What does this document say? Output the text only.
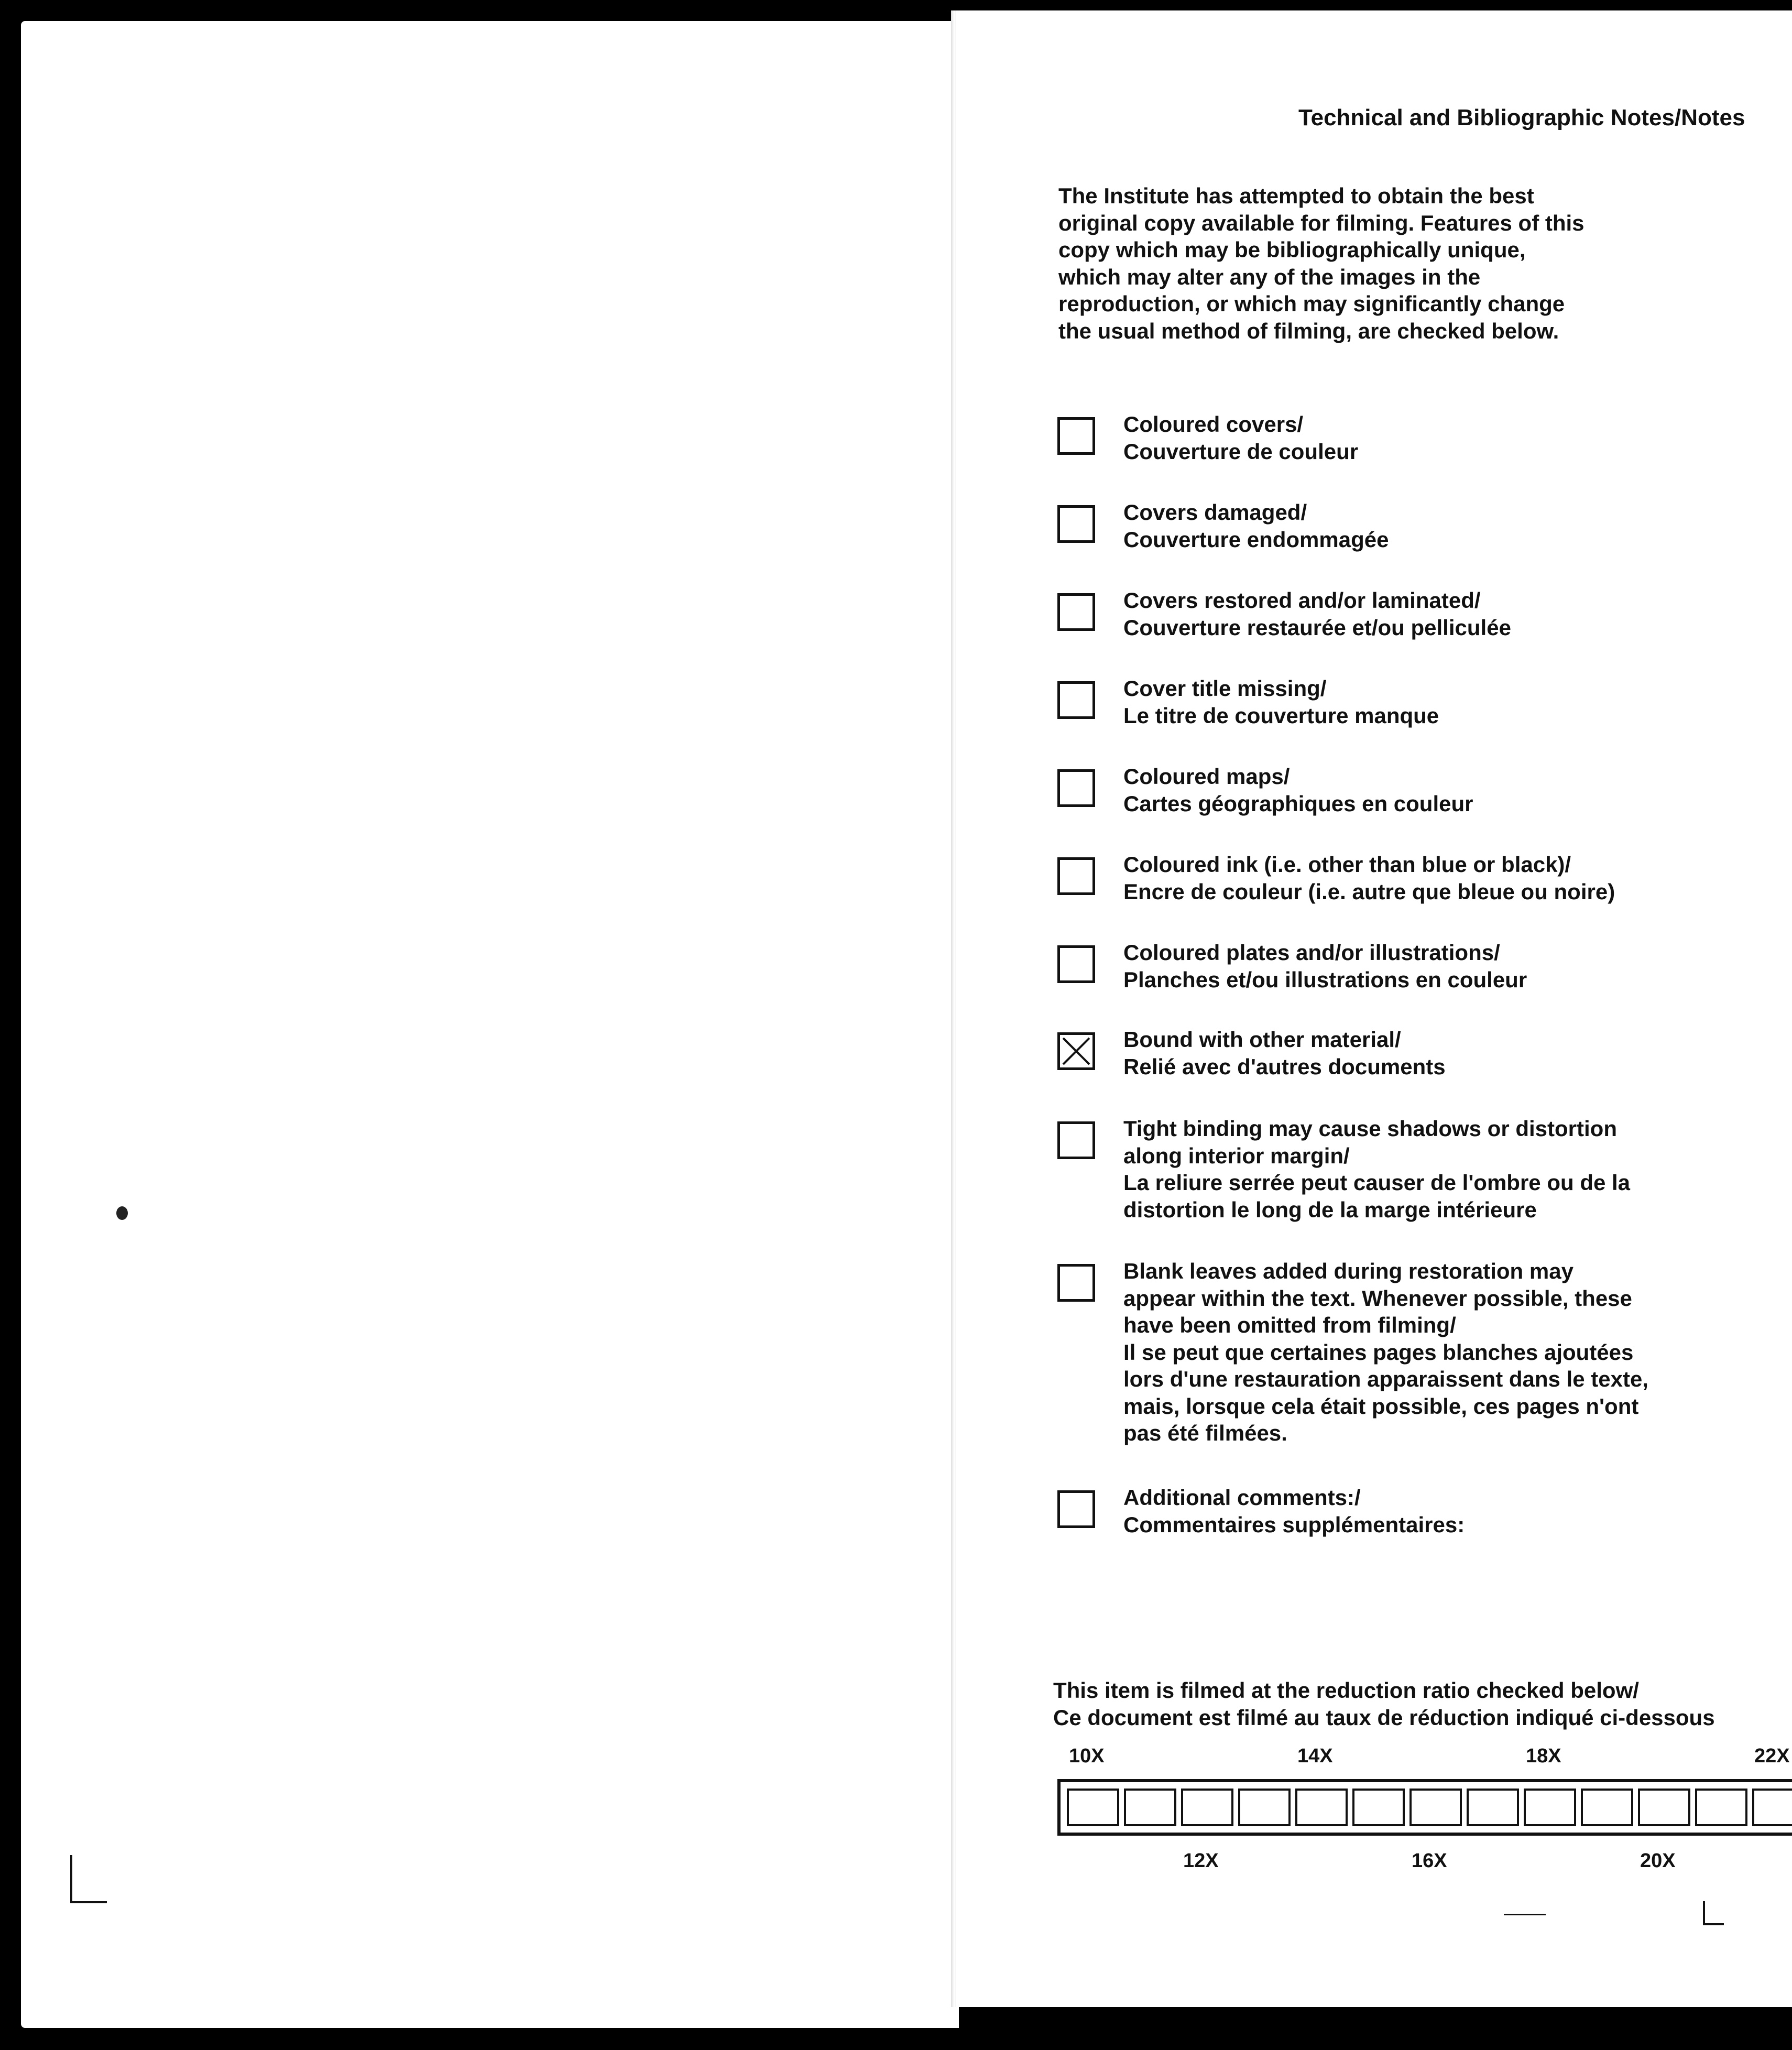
Technical and Bibliographic Notes/Notes

The Institute has attempted to obtain the best
original copy available for filming. Features of this
copy which may be bibliographically unique,
which may alter any of the images in the
reproduction, or which may significantly change
the usual method of filming, are checked below.

Coloured covers/
Couverture de couleur
Covers damaged/
Couverture endommagée
Covers restored and/or laminated/
Couverture restaurée et/ou pelliculée
Cover title missing/
Le titre de couverture manque
Coloured maps/
Cartes géographiques en couleur
Coloured ink (i.e. other than blue or black)/
Encre de couleur (i.e. autre que bleue ou noire)
Coloured plates and/or illustrations/
Planches et/ou illustrations en couleur
Bound with other material/
Relié avec d'autres documents
Tight binding may cause shadows or distortion
along interior margin/
La reliure serrée peut causer de l'ombre ou de la
distortion le long de la marge intérieure
Blank leaves added during restoration may
appear within the text. Whenever possible, these
have been omitted from filming/
Il se peut que certaines pages blanches ajoutées
lors d'une restauration apparaissent dans le texte,
mais, lorsque cela était possible, ces pages n'ont
pas été filmées.
Additional comments:/
Commentaires supplémentaires:
This item is filmed at the reduction ratio checked below/
Ce document est filmé au taux de réduction indiqué ci-dessous
10X	14X	18X	22X
12X	16X	20X
